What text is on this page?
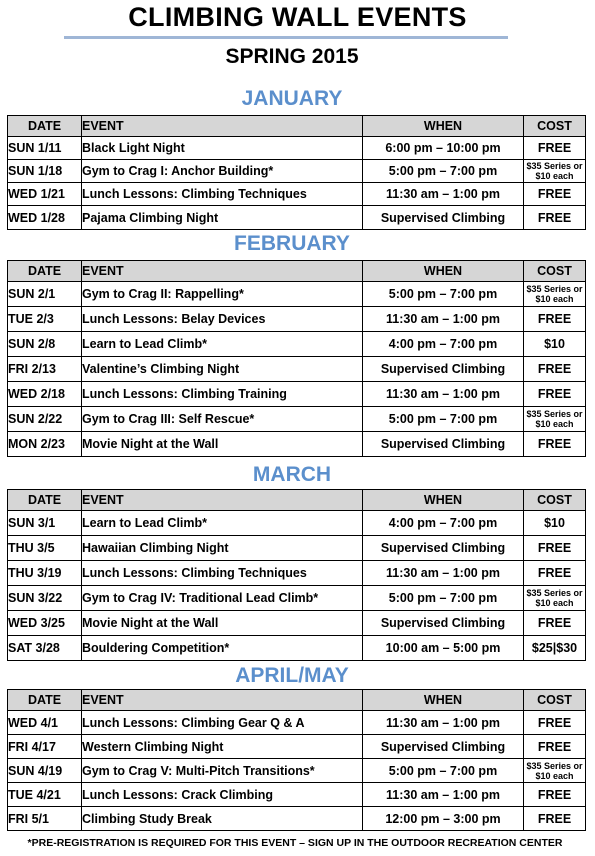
CLIMBING WALL EVENTS
SPRING 2015
JANUARY
DATE	EVENT	WHEN	COST
SUN 1/11	Black Light Night	6:00 pm – 10:00 pm	FREE
SUN 1/18	Gym to Crag I: Anchor Building*	5:00 pm – 7:00 pm	$35 Series or $10 each
WED 1/21	Lunch Lessons: Climbing Techniques	11:30 am – 1:00 pm	FREE
WED 1/28	Pajama Climbing Night	Supervised Climbing	FREE
FEBRUARY
DATE	EVENT	WHEN	COST
SUN 2/1	Gym to Crag II: Rappelling*	5:00 pm – 7:00 pm	$35 Series or $10 each
TUE 2/3	Lunch Lessons: Belay Devices	11:30 am – 1:00 pm	FREE
SUN 2/8	Learn to Lead Climb*	4:00 pm – 7:00 pm	$10
FRI 2/13	Valentine’s Climbing Night	Supervised Climbing	FREE
WED 2/18	Lunch Lessons: Climbing Training	11:30 am – 1:00 pm	FREE
SUN 2/22	Gym to Crag III: Self Rescue*	5:00 pm – 7:00 pm	$35 Series or $10 each
MON 2/23	Movie Night at the Wall	Supervised Climbing	FREE
MARCH
DATE	EVENT	WHEN	COST
SUN 3/1	Learn to Lead Climb*	4:00 pm – 7:00 pm	$10
THU 3/5	Hawaiian Climbing Night	Supervised Climbing	FREE
THU 3/19	Lunch Lessons: Climbing Techniques	11:30 am – 1:00 pm	FREE
SUN 3/22	Gym to Crag IV: Traditional Lead Climb*	5:00 pm – 7:00 pm	$35 Series or $10 each
WED 3/25	Movie Night at the Wall	Supervised Climbing	FREE
SAT 3/28	Bouldering Competition*	10:00 am – 5:00 pm	$25|$30
APRIL/MAY
DATE	EVENT	WHEN	COST
WED 4/1	Lunch Lessons: Climbing Gear Q & A	11:30 am – 1:00 pm	FREE
FRI 4/17	Western Climbing Night	Supervised Climbing	FREE
SUN 4/19	Gym to Crag V: Multi-Pitch Transitions*	5:00 pm – 7:00 pm	$35 Series or $10 each
TUE 4/21	Lunch Lessons: Crack Climbing	11:30 am – 1:00 pm	FREE
FRI 5/1	Climbing Study Break	12:00 pm – 3:00 pm	FREE
*PRE-REGISTRATION IS REQUIRED FOR THIS EVENT – SIGN UP IN THE OUTDOOR RECREATION CENTER
